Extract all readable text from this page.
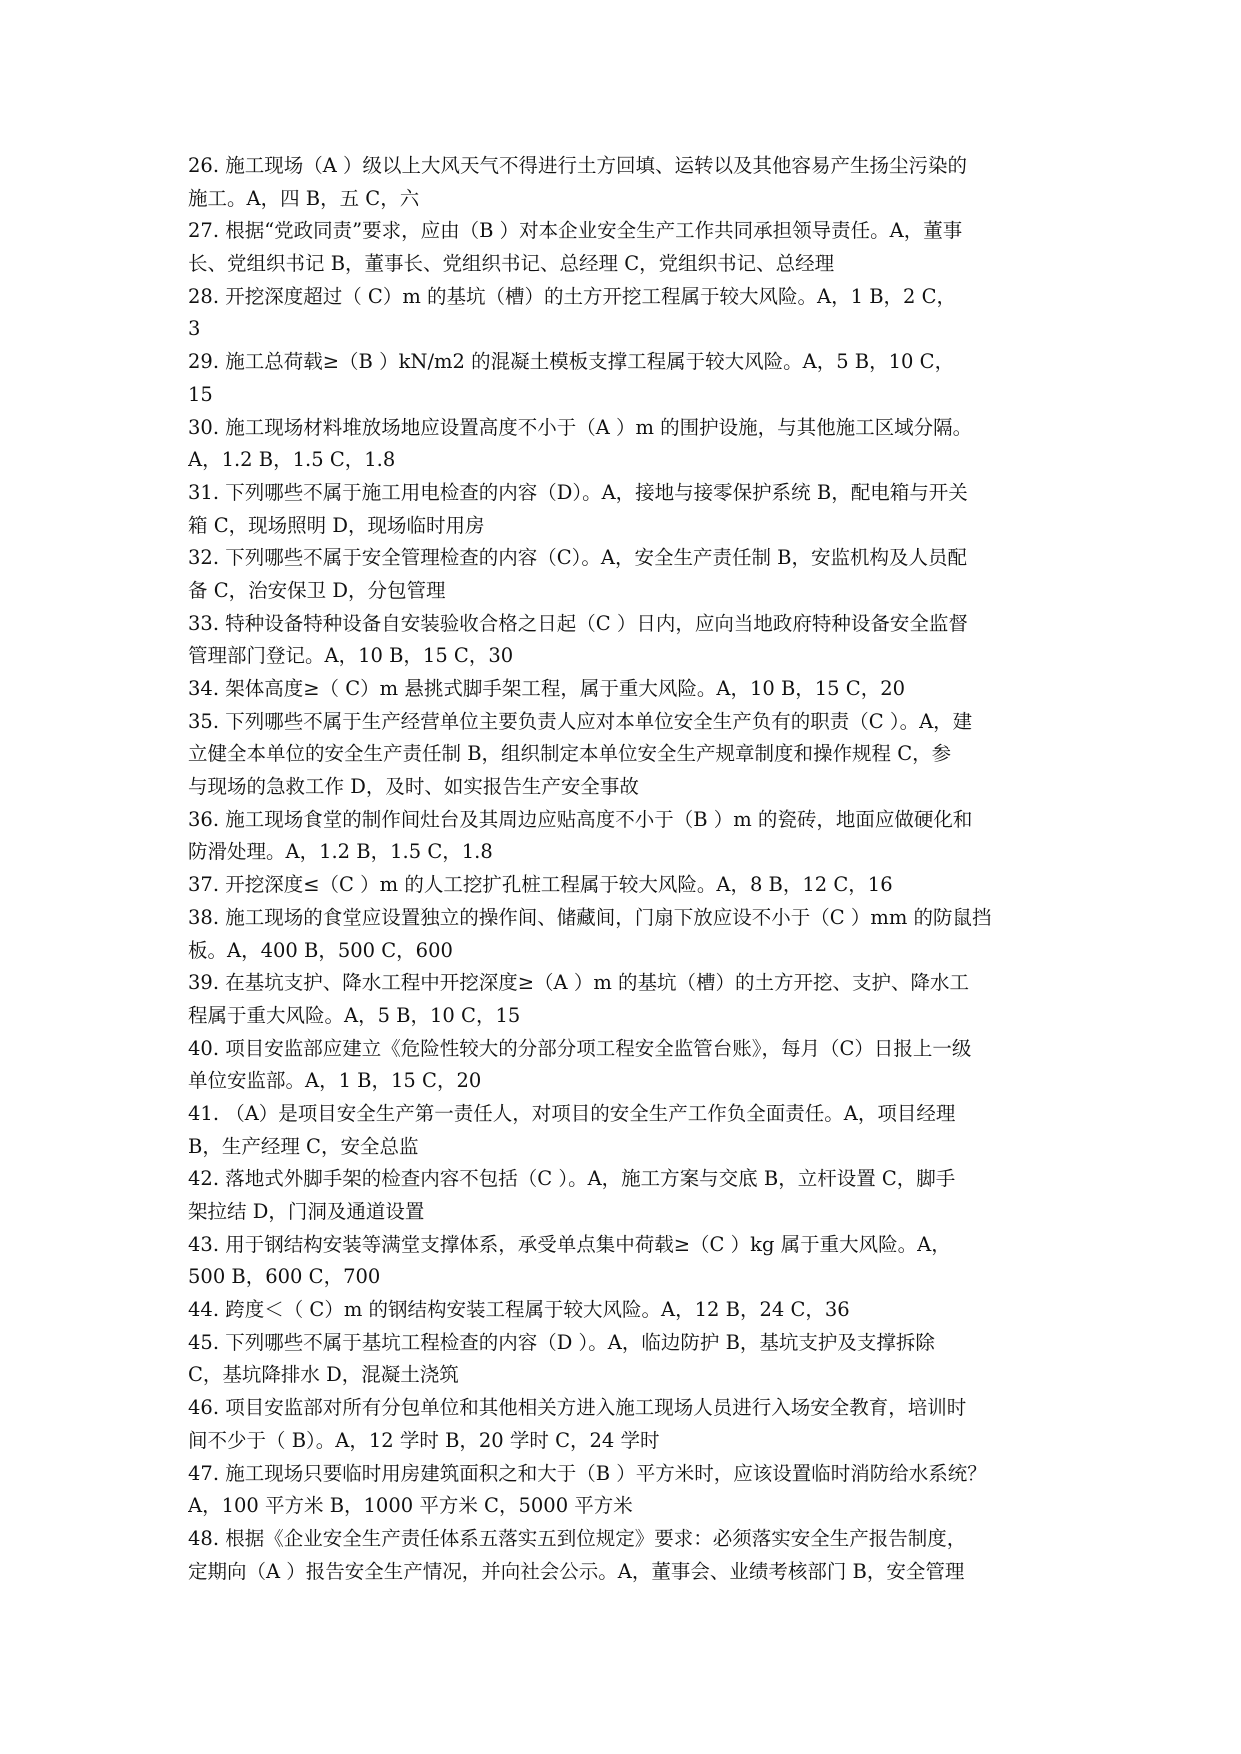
26. 施工现场（A ）级以上大风天气不得进行土方回填、运转以及其他容易产生扬尘污染的
施工。A，四 B，五 C，六
27. 根据“党政同责”要求，应由（B ）对本企业安全生产工作共同承担领导责任。A，董事
长、党组织书记 B，董事长、党组织书记、总经理 C，党组织书记、总经理
28. 开挖深度超过（ C）m 的基坑（槽）的土方开挖工程属于较大风险。A，1 B，2 C，
3
29. 施工总荷载≥（B ）kN/m2 的混凝土模板支撑工程属于较大风险。A，5 B，10 C，
15
30. 施工现场材料堆放场地应设置高度不小于（A ）m 的围护设施，与其他施工区域分隔。
A，1.2 B，1.5 C，1.8
31. 下列哪些不属于施工用电检查的内容（D）。A，接地与接零保护系统 B，配电箱与开关
箱 C，现场照明 D，现场临时用房
32. 下列哪些不属于安全管理检查的内容（C）。A，安全生产责任制 B，安监机构及人员配
备 C，治安保卫 D，分包管理
33. 特种设备特种设备自安装验收合格之日起（C ）日内，应向当地政府特种设备安全监督
管理部门登记。A，10 B，15 C，30
34. 架体高度≥（ C）m 悬挑式脚手架工程，属于重大风险。A，10 B，15 C，20
35. 下列哪些不属于生产经营单位主要负责人应对本单位安全生产负有的职责（C ）。A，建
立健全本单位的安全生产责任制 B，组织制定本单位安全生产规章制度和操作规程 C，参
与现场的急救工作 D，及时、如实报告生产安全事故
36. 施工现场食堂的制作间灶台及其周边应贴高度不小于（B ）m 的瓷砖，地面应做硬化和
防滑处理。A，1.2 B，1.5 C，1.8
37. 开挖深度≤（C ）m 的人工挖扩孔桩工程属于较大风险。A，8 B，12 C，16
38. 施工现场的食堂应设置独立的操作间、储藏间，门扇下放应设不小于（C ）mm 的防鼠挡
板。A，400 B，500 C，600
39. 在基坑支护、降水工程中开挖深度≥（A ）m 的基坑（槽）的土方开挖、支护、降水工
程属于重大风险。A，5 B，10 C，15
40. 项目安监部应建立《危险性较大的分部分项工程安全监管台账》，每月（C）日报上一级
单位安监部。A，1 B，15 C，20
41. （A）是项目安全生产第一责任人，对项目的安全生产工作负全面责任。A，项目经理
B，生产经理 C，安全总监
42. 落地式外脚手架的检查内容不包括（C ）。A，施工方案与交底 B，立杆设置 C，脚手
架拉结 D，门洞及通道设置
43. 用于钢结构安装等满堂支撑体系，承受单点集中荷载≥（C ）kg 属于重大风险。A，
500 B，600 C，700
44. 跨度＜（ C）m 的钢结构安装工程属于较大风险。A，12 B，24 C，36
45. 下列哪些不属于基坑工程检查的内容（D ）。A，临边防护 B，基坑支护及支撑拆除
C，基坑降排水 D，混凝土浇筑
46. 项目安监部对所有分包单位和其他相关方进入施工现场人员进行入场安全教育，培训时
间不少于（ B）。A，12 学时 B，20 学时 C，24 学时
47. 施工现场只要临时用房建筑面积之和大于（B ）平方米时，应该设置临时消防给水系统？
A，100 平方米 B，1000 平方米 C，5000 平方米
48. 根据《企业安全生产责任体系五落实五到位规定》要求：必须落实安全生产报告制度，
定期向（A ）报告安全生产情况，并向社会公示。A，董事会、业绩考核部门 B，安全管理
